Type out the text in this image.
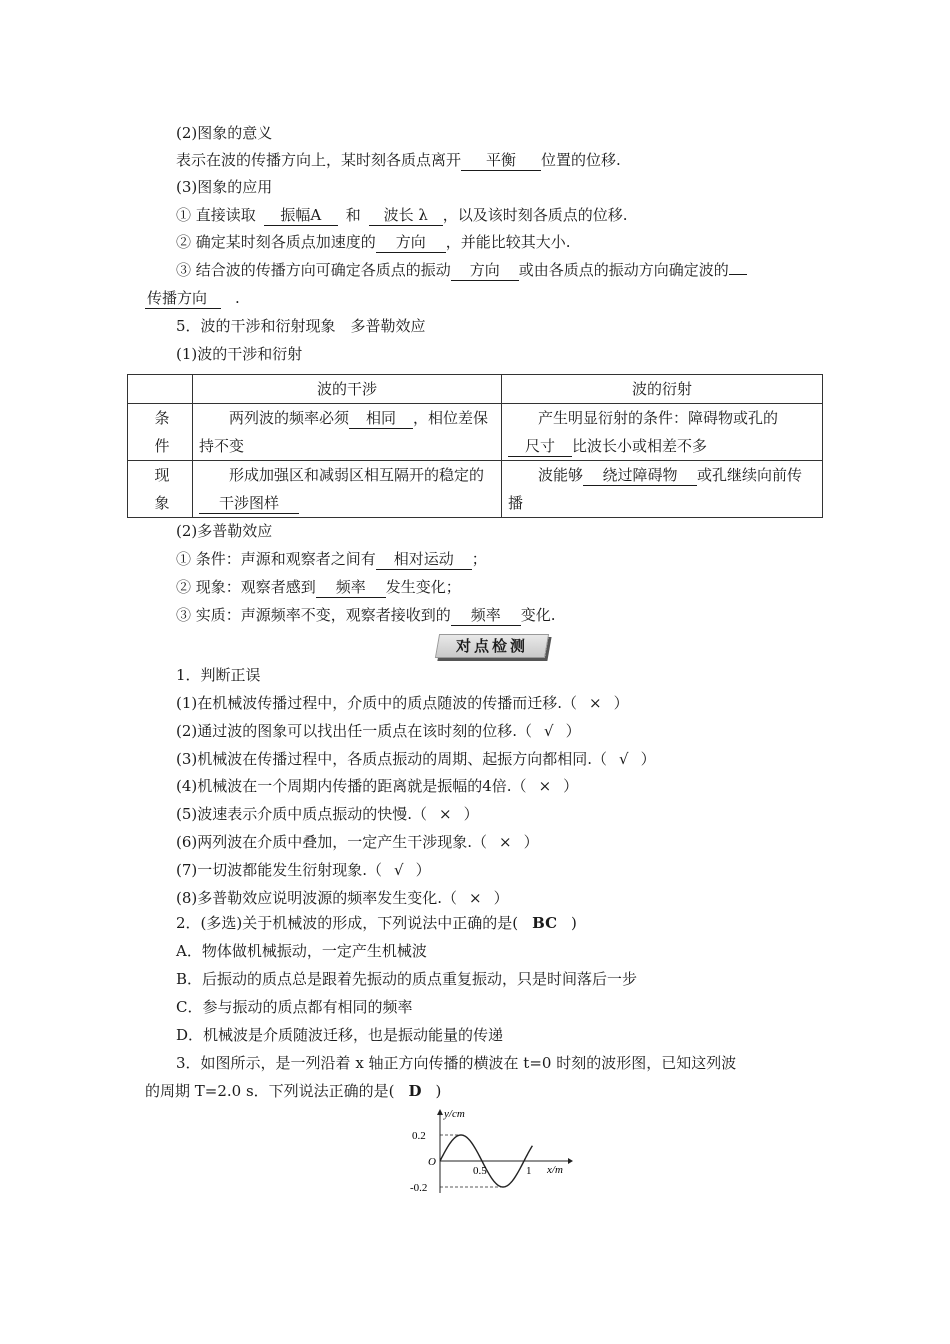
(2)图象的意义
表示在波的传播方向上，某时刻各质点离开 平衡 位置的位移.
(3)图象的应用
① 直接读取 振幅A 和 波长 λ ，以及该时刻各质点的位移.
② 确定某时刻各质点加速度的 方向 ，并能比较其大小.
③ 结合波的传播方向可确定各质点的振动 方向 或由各质点的振动方向确定波的
传播方向 .
5．波的干涉和衍射现象　多普勒效应
(1)波的干涉和衍射
	波的干涉	波的衍射
条件	两列波的频率必须 相同 ，相位差保持不变	产生明显衍射的条件：障碍物或孔的
尺寸 比波长小或相差不多
现象	形成加强区和减弱区相互隔开的稳定的干涉图样	波能够 绕过障碍物 或孔继续向前传播
(2)多普勒效应
① 条件：声源和观察者之间有 相对运动 ；
② 现象：观察者感到 频率 发生变化；
③ 实质：声源频率不变，观察者接收到的 频率 变化.
对点检测
1．判断正误
(1)在机械波传播过程中，介质中的质点随波的传播而迁移.（ × ）
(2)通过波的图象可以找出任一质点在该时刻的位移.（ √ ）
(3)机械波在传播过程中，各质点振动的周期、起振方向都相同.（ √ ）
(4)机械波在一个周期内传播的距离就是振幅的4倍.（ × ）
(5)波速表示介质中质点振动的快慢.（ × ）
(6)两列波在介质中叠加，一定产生干涉现象.（ × ）
(7)一切波都能发生衍射现象.（ √ ）
(8)多普勒效应说明波源的频率发生变化.（ × ）
2．(多选)关于机械波的形成，下列说法中正确的是( BC )
A．物体做机械振动，一定产生机械波
B．后振动的质点总是跟着先振动的质点重复振动，只是时间落后一步
C．参与振动的质点都有相同的频率
D．机械波是介质随波迁移，也是振动能量的传递
3．如图所示，是一列沿着 x 轴正方向传播的横波在 t=0 时刻的波形图，已知这列波
的周期 T=2.0 s．下列说法正确的是( D )
y/cm
x/m
0.2
-0.2
O
0.5	1
